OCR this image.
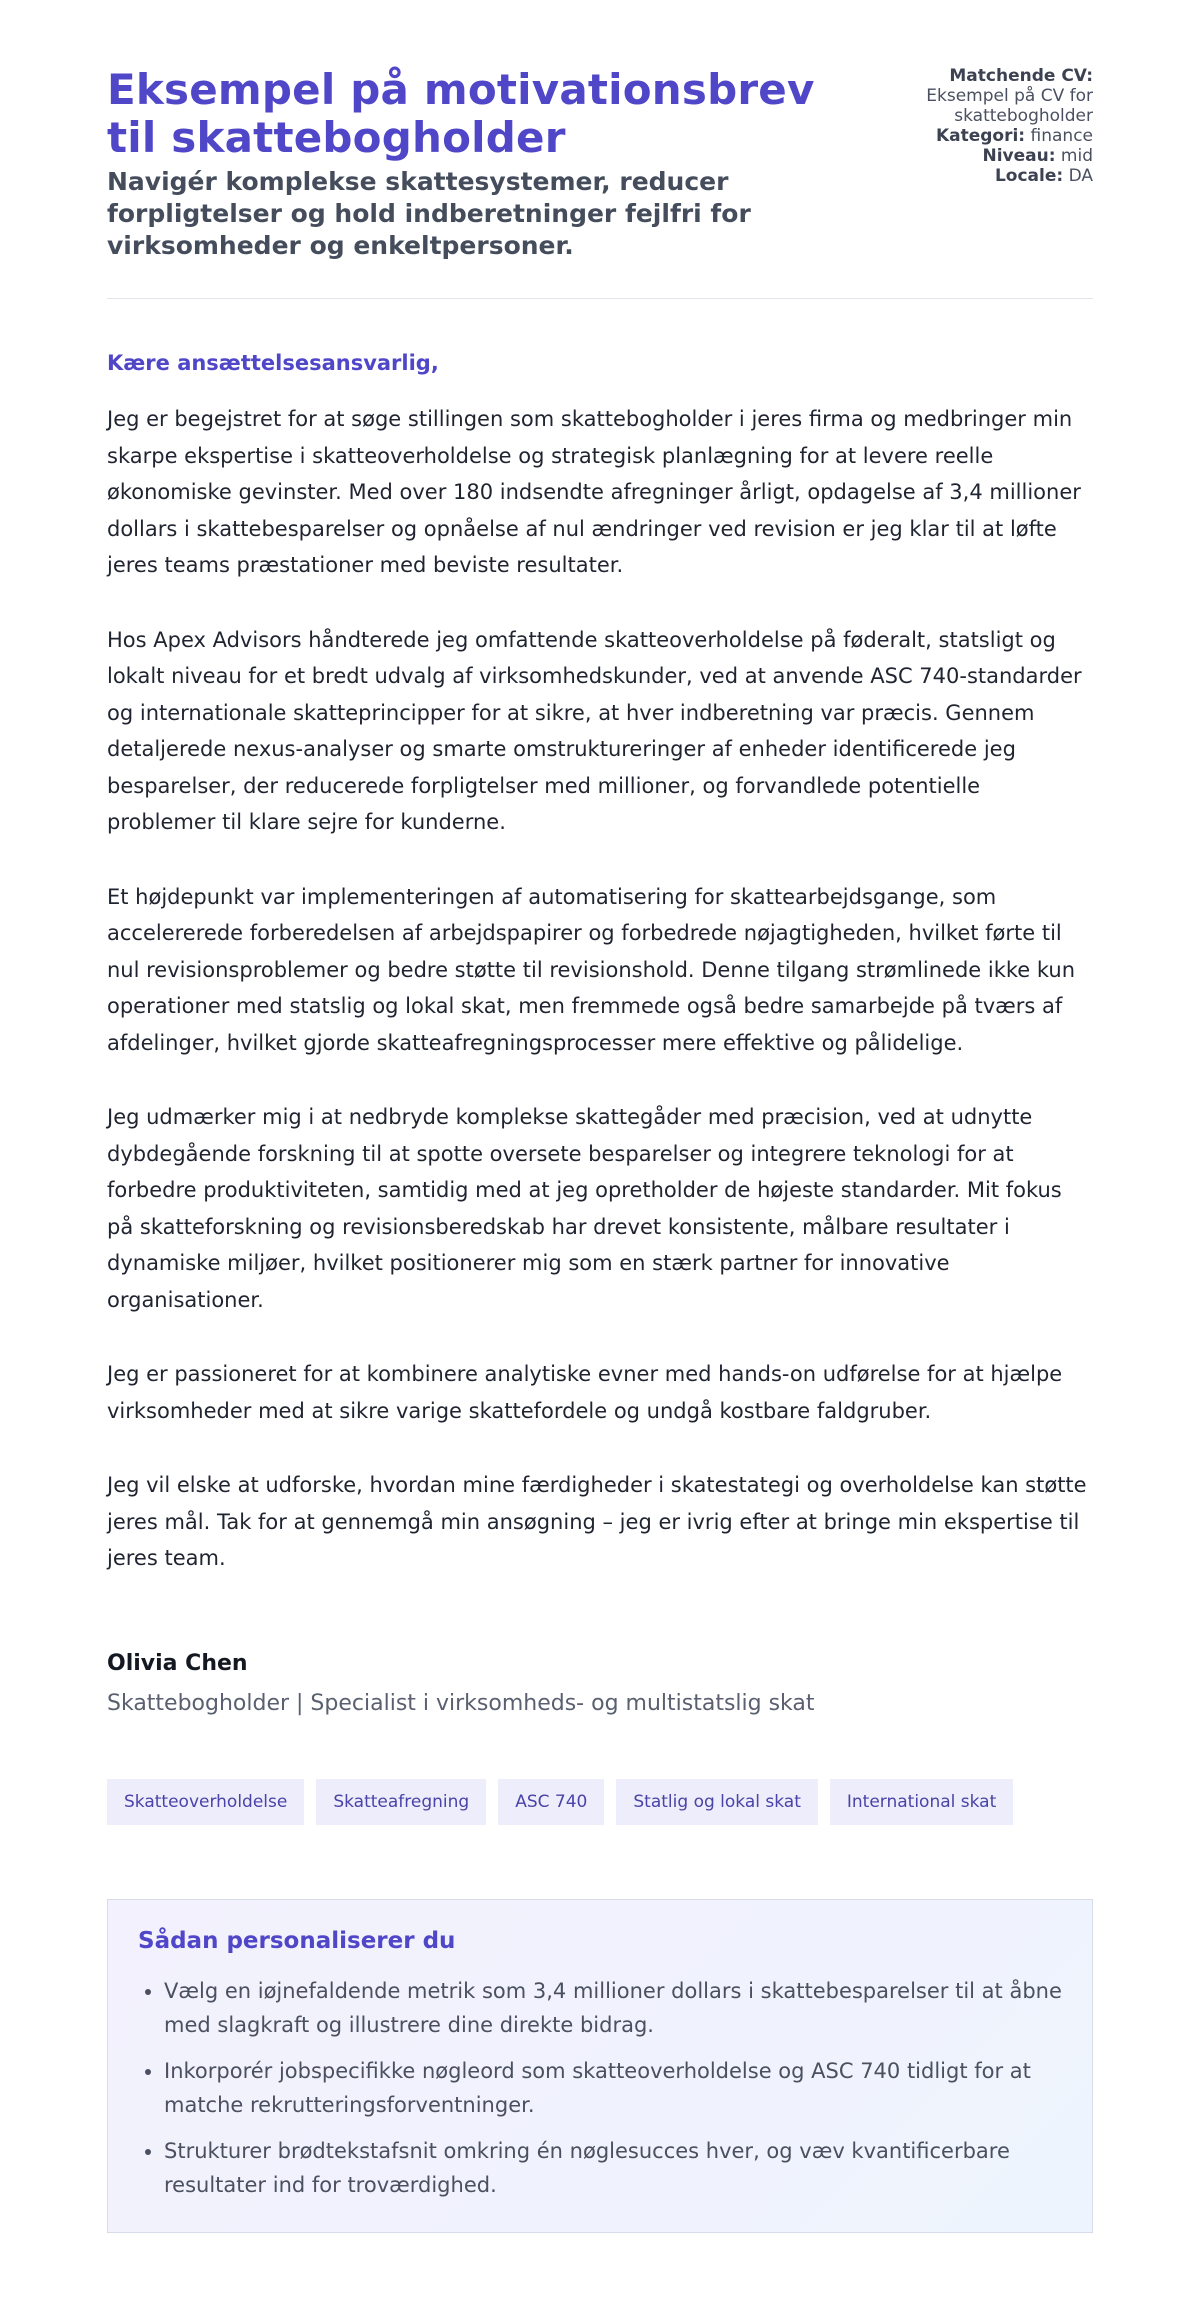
Eksempel på motivationsbrev til skattebogholder
Navigér komplekse skattesystemer, reducer forpligtelser og hold indberetninger fejlfri for virksomheder og enkeltpersoner.

Matchende CV:
Eksempel på CV for skattebogholder

Kategori: finance

Niveau: mid

Locale: DA

Kære ansættelsesansvarlig,

Jeg er begejstret for at søge stillingen som skattebogholder i jeres firma og medbringer min skarpe ekspertise i skatteoverholdelse og strategisk planlægning for at levere reelle økonomiske gevinster. Med over 180 indsendte afregninger årligt, opdagelse af 3,4 millioner dollars i skattebesparelser og opnåelse af nul ændringer ved revision er jeg klar til at løfte jeres teams præstationer med beviste resultater.

Hos Apex Advisors håndterede jeg omfattende skatteoverholdelse på føderalt, statsligt og lokalt niveau for et bredt udvalg af virksomhedskunder, ved at anvende ASC 740-standarder og internationale skatteprincipper for at sikre, at hver indberetning var præcis. Gennem detaljerede nexus-analyser og smarte omstruktureringer af enheder identificerede jeg besparelser, der reducerede forpligtelser med millioner, og forvandlede potentielle problemer til klare sejre for kunderne.

Et højdepunkt var implementeringen af automatisering for skattearbejdsgange, som accelererede forberedelsen af arbejdspapirer og forbedrede nøjagtigheden, hvilket førte til nul revisionsproblemer og bedre støtte til revisionshold. Denne tilgang strømlinede ikke kun operationer med statslig og lokal skat, men fremmede også bedre samarbejde på tværs af afdelinger, hvilket gjorde skatteafregningsprocesser mere effektive og pålidelige.

Jeg udmærker mig i at nedbryde komplekse skattegåder med præcision, ved at udnytte dybdegående forskning til at spotte oversete besparelser og integrere teknologi for at forbedre produktiviteten, samtidig med at jeg opretholder de højeste standarder. Mit fokus på skatteforskning og revisionsberedskab har drevet konsistente, målbare resultater i dynamiske miljøer, hvilket positionerer mig som en stærk partner for innovative organisationer.

Jeg er passioneret for at kombinere analytiske evner med hands-on udførelse for at hjælpe virksomheder med at sikre varige skattefordele og undgå kostbare faldgruber.

Jeg vil elske at udforske, hvordan mine færdigheder i skatestategi og overholdelse kan støtte jeres mål. Tak for at gennemgå min ansøgning – jeg er ivrig efter at bringe min ekspertise til jeres team.

Olivia Chen

Skattebogholder | Specialist i virksomheds- og multistatslig skat

Skatteoverholdelse	Skatteafregning	ASC 740	Statlig og lokal skat	International skat
Sådan personaliserer du
• Vælg en iøjnefaldende metrik som 3,4 millioner dollars i skattebesparelser til at åbne med slagkraft og illustrere dine direkte bidrag.
• Inkorporér jobspecifikke nøgleord som skatteoverholdelse og ASC 740 tidligt for at matche rekrutteringsforventninger.
• Strukturer brødtekstafsnit omkring én nøglesucces hver, og væv kvantificerbare resultater ind for troværdighed.
